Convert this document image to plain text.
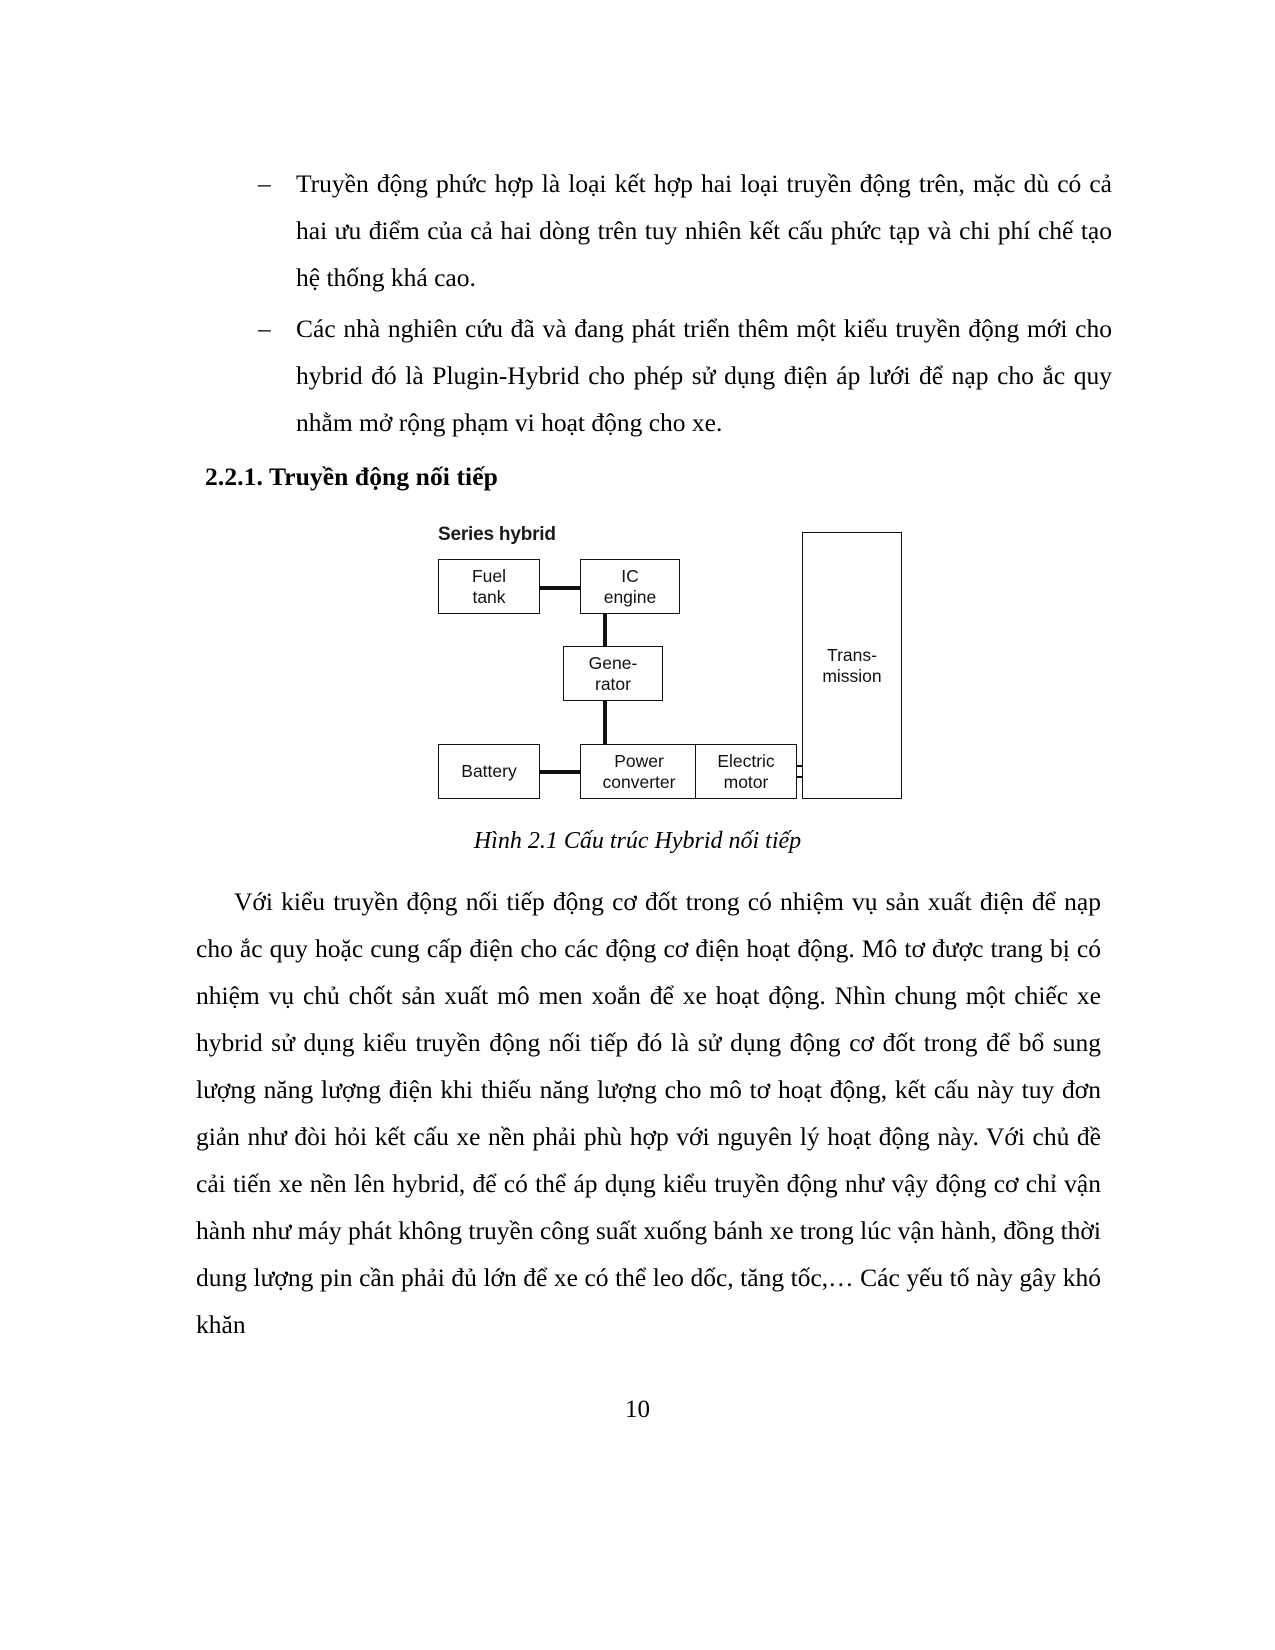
– Truyền động phức hợp là loại kết hợp hai loại truyền động trên, mặc dù có cả hai ưu điểm của cả hai dòng trên tuy nhiên kết cấu phức tạp và chi phí chế tạo hệ thống khá cao.
– Các nhà nghiên cứu đã và đang phát triển thêm một kiểu truyền động mới cho hybrid đó là Plugin-Hybrid cho phép sử dụng điện áp lưới để nạp cho ắc quy nhằm mở rộng phạm vi hoạt động cho xe.
2.2.1. Truyền động nối tiếp
Series hybrid
Fuel
tank
IC
engine
Gene-
rator
Battery
Power
converter
Electric
motor
Trans-
mission
Hình 2.1 Cấu trúc Hybrid nối tiếp
Với kiểu truyền động nối tiếp động cơ đốt trong có nhiệm vụ sản xuất điện để nạp cho ắc quy hoặc cung cấp điện cho các động cơ điện hoạt động. Mô tơ được trang bị có nhiệm vụ chủ chốt sản xuất mô men xoắn để xe hoạt động. Nhìn chung một chiếc xe hybrid sử dụng kiểu truyền động nối tiếp đó là sử dụng động cơ đốt trong để bổ sung lượng năng lượng điện khi thiếu năng lượng cho mô tơ hoạt động, kết cấu này tuy đơn giản như đòi hỏi kết cấu xe nền phải phù hợp với nguyên lý hoạt động này. Với chủ đề cải tiến xe nền lên hybrid, để có thể áp dụng kiểu truyền động như vậy động cơ chỉ vận hành như máy phát không truyền công suất xuống bánh xe trong lúc vận hành, đồng thời dung lượng pin cần phải đủ lớn để xe có thể leo dốc, tăng tốc,… Các yếu tố này gây khó khăn
10
